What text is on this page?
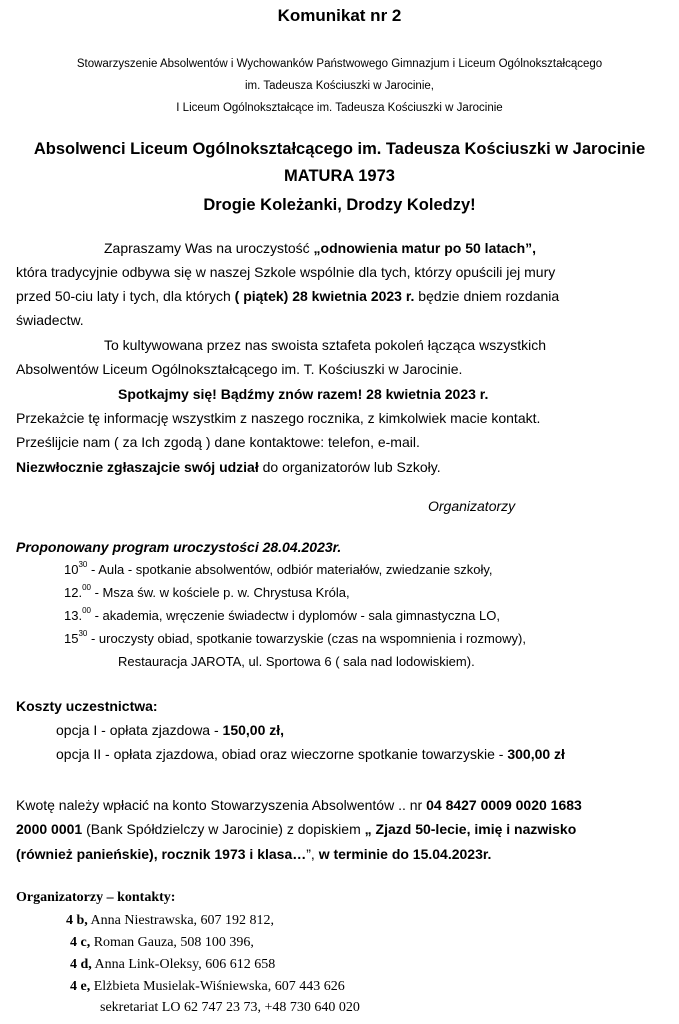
Komunikat nr 2
Stowarzyszenie Absolwentów i Wychowanków Państwowego Gimnazjum i Liceum Ogólnokształcącego
im. Tadeusza Kościuszki w Jarocinie,
I Liceum Ogólnokształcące im. Tadeusza Kościuszki w Jarocinie
Absolwenci Liceum Ogólnokształcącego im. Tadeusza Kościuszki w Jarocinie
MATURA 1973
Drogie Koleżanki, Drodzy Koledzy!
Zapraszamy Was na uroczystość „odnowienia matur po 50 latach”,
która tradycyjnie odbywa się w naszej Szkole wspólnie dla tych, którzy opuścili jej mury
przed 50-ciu laty i tych, dla których ( piątek) 28 kwietnia 2023 r. będzie dniem rozdania
świadectw.
To kultywowana przez nas swoista sztafeta pokoleń łącząca wszystkich
Absolwentów Liceum Ogólnokształcącego im. T. Kościuszki w Jarocinie.
Spotkajmy się! Bądźmy znów razem! 28 kwietnia 2023 r.
Przekażcie tę informację wszystkim z naszego rocznika, z kimkolwiek macie kontakt.
Prześlijcie nam ( za Ich zgodą ) dane kontaktowe: telefon, e-mail.
Niezwłocznie zgłaszajcie swój udział do organizatorów lub Szkoły.
Organizatorzy
Proponowany program uroczystości 28.04.2023r.
$10^{30}$ - Aula - spotkanie absolwentów, odbiór materiałów, zwiedzanie szkoły,
12.00 - Msza św. w kościele p. w. Chrystusa Króla,
13.00 - akademia, wręczenie świadectw i dyplomów - sala gimnastyczna LO,
$15^{30}$ - uroczysty obiad, spotkanie towarzyskie (czas na wspomnienia i rozmowy),
Restauracja JAROTA, ul. Sportowa 6 ( sala nad lodowiskiem).
Koszty uczestnictwa:
opcja I - opłata zjazdowa - 150,00 zł,
opcja II - opłata zjazdowa, obiad oraz wieczorne spotkanie towarzyskie - 300,00 zł
Kwotę należy wpłacić na konto Stowarzyszenia Absolwentów .. nr 04 8427 0009 0020 1683
2000 0001 (Bank Spółdzielczy w Jarocinie) z dopiskiem „ Zjazd 50-lecie, imię i nazwisko
(również panieńskie), rocznik 1973 i klasa…”, w terminie do 15.04.2023r.
Organizatorzy – kontakty:
4 b, Anna Niestrawska, 607 192 812,
4 c, Roman Gauza, 508 100 396,
4 d, Anna Link-Oleksy, 606 612 658
4 e, Elżbieta Musielak-Wiśniewska, 607 443 626
sekretariat LO 62 747 23 73, +48 730 640 020
